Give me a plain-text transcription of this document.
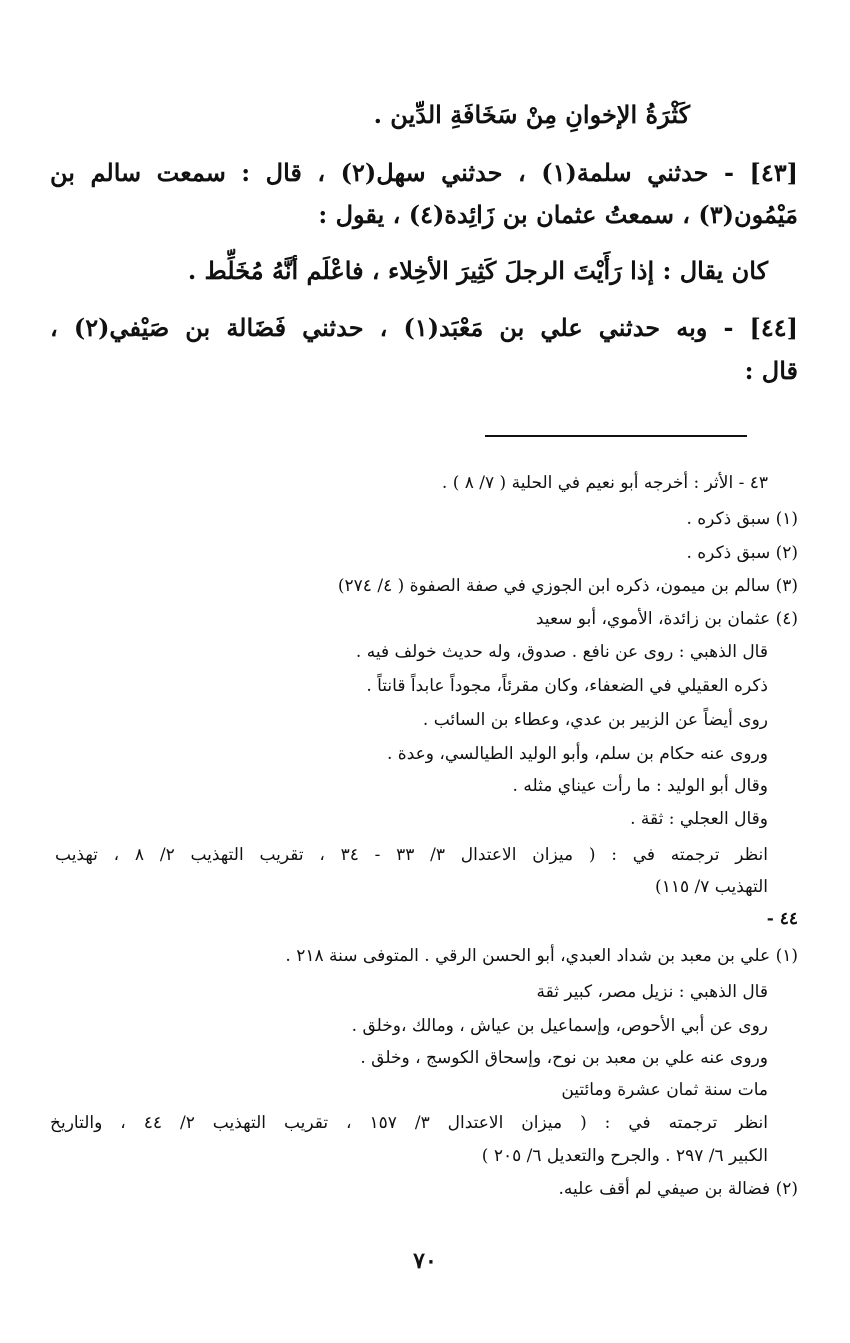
كَثْرَةُ الإخوانِ مِنْ سَخَافَةِ الدِّين .
[٤٣] - حدثني سلمة(١) ، حدثني سهل(٢) ، قال : سمعت سالم بن
مَيْمُون(٣) ، سمعتُ عثمان بن زَائِدة(٤) ، يقول :
كان يقال : إذا رَأَيْتَ الرجلَ كَثِيرَ الأخِلاء ، فاعْلَم أنَّهُ مُخَلِّط .
[٤٤] - وبه حدثني علي بن مَعْبَد(١) ، حدثني فَضَالة بن صَيْفي(٢) ،
قال :
٤٣ - الأثر : أخرجه أبو نعيم في الحلية ( ٧/ ٨ ) .
(١) سبق ذكره .
(٢) سبق ذكره .
(٣) سالم بن ميمون، ذكره ابن الجوزي في صفة الصفوة ( ٤/ ٢٧٤)
(٤) عثمان بن زائدة، الأموي، أبو سعيد
قال الذهبي : روى عن نافع . صدوق، وله حديث خولف فيه .
ذكره العقيلي في الضعفاء، وكان مقرئاً، مجوداً عابداً قانتاً .
روى أيضاً عن الزبير بن عدي، وعطاء بن السائب .
وروى عنه حكام بن سلم، وأبو الوليد الطيالسي، وعدة .
وقال أبو الوليد : ما رأت عيناي مثله .
وقال العجلي : ثقة .
انظر ترجمته في : ( ميزان الاعتدال ٣/ ٣٣ - ٣٤ ، تقريب التهذيب ٢/ ٨ ، تهذيب
التهذيب ٧/ ١١٥)
٤٤ -
(١) علي بن معبد بن شداد العبدي، أبو الحسن الرقي . المتوفى سنة ٢١٨ .
قال الذهبي : نزيل مصر، كبير ثقة
روى عن أبي الأحوص، وإسماعيل بن عياش ، ومالك ،وخلق .
وروى عنه علي بن معبد بن نوح، وإسحاق الكوسج ، وخلق .
مات سنة ثمان عشرة ومائتين
انظر ترجمته في : ( ميزان الاعتدال ٣/ ١٥٧ ، تقريب التهذيب ٢/ ٤٤ ، والتاريخ
الكبير ٦/ ٢٩٧ . والجرح والتعديل ٦/ ٢٠٥ )
(٢) فضالة بن صيفي لم أقف عليه.
٧٠
